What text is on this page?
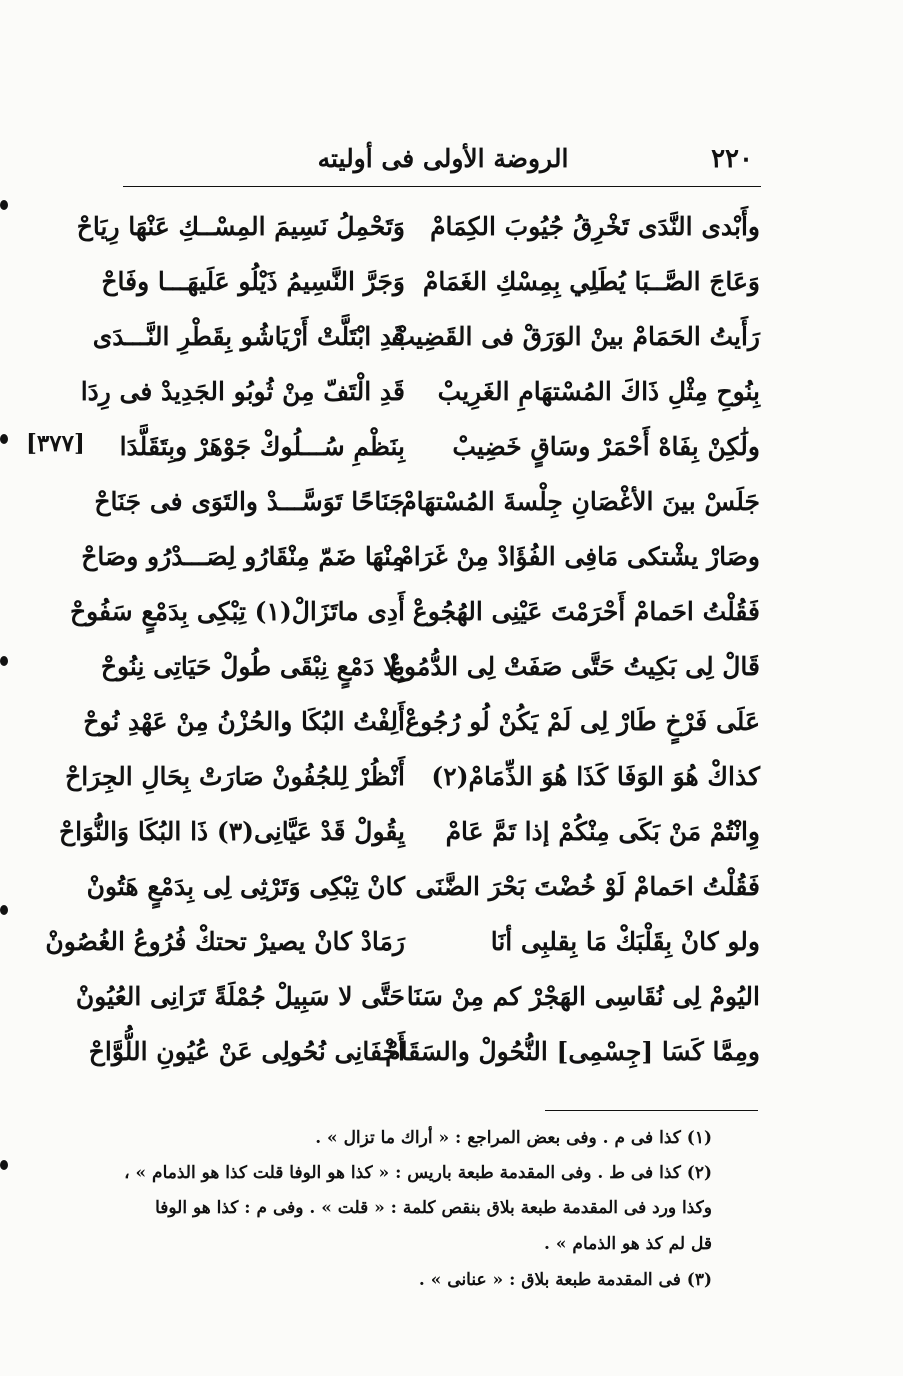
٢٢٠
الروضة الأولى فى أوليته
[٣٧٧]
وأَبْدى النَّدَى تَخْرِقُ جُيُوبَ الكِمَامْ
وَتَحْمِلُ نَسِيمَ المِسْــكِ عَنْهَا رِيَاحْ
وَعَاجَ الصَّــبَا يُطَلِي بِمِسْكِ الغَمَامْ
وَجَرَّ النَّسِيمُ ذَيْلُو عَلَيهَـــا وفَاحْ
رَأَيتُ الحَمَامْ بينْ الوَرَقْ فى القَضِيبْ
قَدِ ابْتَلَّتْ أَرْيَاشُو بِقَطْرِ النَّـــدَى
بِنُوحِ مِثْلِ ذَاكَ المُسْتهَامِ الغَرِيبْ
قَدِ الْتَفّ مِنْ ثُوبُو الجَدِيدْ فى رِدَا
ولَٰكِنْ بِفَاهْ أَحْمَرْ وسَاقٍ خَضِيبْ
بِنَظْمِ سُـــلُوكْ جَوْهَرْ وبِتَقَلَّدَا
جَلَسْ بينَ الأغْصَانِ جِلْسةَ المُسْتهَامْ
جَنَاحًا تَوَسَّـــدْ والتَوَى فى جَنَاحْ
وصَارْ يشْتكى مَافِى الفُؤَادْ مِنْ غَرَامْ
مِنْهَا ضَمّ مِنْقَارُو لِصَـــدْرُو وصَاحْ
فَقُلْتُ احَمامْ أَحْرَمْتَ عَيْنِى الهُجُوعْ
أَدِى ماتَزَالْ(١) تِبْكِى بِدَمْعٍ سَفُوحْ
قَالْ لِى بَكِيتُ حَتَّى صَفَتْ لِى الدُّمُوعْ
بِلا دَمْعٍ نِبْقَى طُولْ حَيَاتِى نِنُوحْ
عَلَى فَرْخٍ طَارْ لِى لَمْ يَكُنْ لُو رُجُوعْ
أَلِفْتُ البُكَا والحُزْنُ مِنْ عَهْدِ نُوحْ
كذاكْ هُوَ الوَفَا كَذَا هُوَ الذِّمَامْ(٢)
أَنْظُرْ لِلجُفُونْ صَارَتْ بِحَالِ الجِرَاحْ
وِانْتُمْ مَنْ بَكَى مِنْكُمْ إذا تَمَّ عَامْ
يِقُولْ قَدْ عَيَّانِى(٣) ذَا البُكَا وَالنُّوَاحْ
فَقُلْتُ احَمامْ لَوْ خُضْتَ بَحْرَ الضَّنَى
كانْ تِبْكِى وَتَرْثِى لِى بِدَمْعٍ هَتُونْ
ولو كانْ بِقَلْبَكْ مَا بِقلبِى أنَا
رَمَادْ كانْ يصيرْ تحتكْ فُرُوعُ الغُصُونْ
اليُومْ لِى نُقَاسِى الهَجْرْ كم مِنْ سَنَا
حَتَّى لا سَبِيلْ جُمْلَةً تَرَانِى العُيُونْ
ومِمَّا كَسَا [جِسْمِى] النُّحُولْ والسَقَامْ
أَخْفَانِى نُحُولِى عَنْ عُيُونِ اللُّوَّاحْ
(١) كذا فى م . وفى بعض المراجع : « أراك ما تزال » .
(٢) كذا فى ط . وفى المقدمة طبعة باريس : « كذا هو الوفا قلت كذا هو الذمام » ،
وكذا ورد فى المقدمة طبعة بلاق بنقص كلمة : « قلت » . وفى م : كذا هو الوفا
قل لم كذ هو الذمام » .
(٣) فى المقدمة طبعة بلاق : « عنانى » .
